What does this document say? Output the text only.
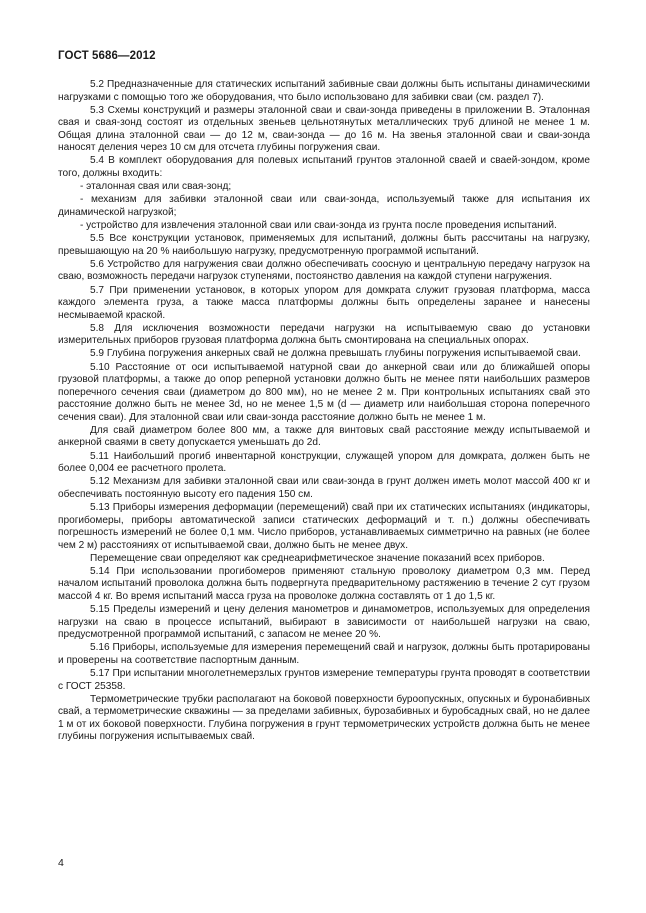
ГОСТ 5686—2012

5.2 Предназначенные для статических испытаний забивные сваи должны быть испытаны динамическими нагрузками с помощью того же оборудования, что было использовано для забивки сваи (см. раздел 7).

5.3 Схемы конструкций и размеры эталонной сваи и сваи-зонда приведены в приложении В. Эталонная свая и свая-зонд состоят из отдельных звеньев цельнотянутых металлических труб длиной не менее 1 м. Общая длина эталонной сваи — до 12 м, сваи-зонда — до 16 м. На звенья эталонной сваи и сваи-зонда наносят деления через 10 см для отсчета глубины погружения сваи.

5.4 В комплект оборудования для полевых испытаний грунтов эталонной сваей и сваей-зондом, кроме того, должны входить:

- эталонная свая или свая-зонд;

- механизм для забивки эталонной сваи или сваи-зонда, используемый также для испытания их динамической нагрузкой;

- устройство для извлечения эталонной сваи или сваи-зонда из грунта после проведения испытаний.

5.5 Все конструкции установок, применяемых для испытаний, должны быть рассчитаны на нагрузку, превышающую на 20 % наибольшую нагрузку, предусмотренную программой испытаний.

5.6 Устройство для нагружения сваи должно обеспечивать соосную и центральную передачу нагрузок на сваю, возможность передачи нагрузок ступенями, постоянство давления на каждой ступени нагружения.

5.7 При применении установок, в которых упором для домкрата служит грузовая платформа, масса каждого элемента груза, а также масса платформы должны быть определены заранее и нанесены несмываемой краской.

5.8 Для исключения возможности передачи нагрузки на испытываемую сваю до установки измерительных приборов грузовая платформа должна быть смонтирована на специальных опорах.

5.9 Глубина погружения анкерных свай не должна превышать глубины погружения испытываемой сваи.

5.10 Расстояние от оси испытываемой натурной сваи до анкерной сваи или до ближайшей опоры грузовой платформы, а также до опор реперной установки должно быть не менее пяти наибольших размеров поперечного сечения сваи (диаметром до 800 мм), но не менее 2 м. При контрольных испытаниях свай это расстояние должно быть не менее 3d, но не менее 1,5 м (d — диаметр или наибольшая сторона поперечного сечения сваи). Для эталонной сваи или сваи-зонда расстояние должно быть не менее 1 м.

Для свай диаметром более 800 мм, а также для винтовых свай расстояние между испытываемой и анкерной сваями в свету допускается уменьшать до 2d.

5.11 Наибольший прогиб инвентарной конструкции, служащей упором для домкрата, должен быть не более 0,004 ее расчетного пролета.

5.12 Механизм для забивки эталонной сваи или сваи-зонда в грунт должен иметь молот массой 400 кг и обеспечивать постоянную высоту его падения 150 см.

5.13 Приборы измерения деформации (перемещений) свай при их статических испытаниях (индикаторы, прогибомеры, приборы автоматической записи статических деформаций и т. п.) должны обеспечивать погрешность измерений не более 0,1 мм. Число приборов, устанавливаемых симметрично на равных (не более чем 2 м) расстояниях от испытываемой сваи, должно быть не менее двух.

Перемещение сваи определяют как среднеарифметическое значение показаний всех приборов.

5.14 При использовании прогибомеров применяют стальную проволоку диаметром 0,3 мм. Перед началом испытаний проволока должна быть подвергнута предварительному растяжению в течение 2 сут грузом массой 4 кг. Во время испытаний масса груза на проволоке должна составлять от 1 до 1,5 кг.

5.15 Пределы измерений и цену деления манометров и динамометров, используемых для определения нагрузки на сваю в процессе испытаний, выбирают в зависимости от наибольшей нагрузки на сваю, предусмотренной программой испытаний, с запасом не менее 20 %.

5.16 Приборы, используемые для измерения перемещений свай и нагрузок, должны быть протарированы и проверены на соответствие паспортным данным.

5.17 При испытании многолетнемерзлых грунтов измерение температуры грунта проводят в соответствии с ГОСТ 25358.

Термометрические трубки располагают на боковой поверхности буроопускных, опускных и буронабивных свай, а термометрические скважины — за пределами забивных, бурозабивных и буробсадных свай, но не далее 1 м от их боковой поверхности. Глубина погружения в грунт термометрических устройств должна быть не менее глубины погружения испытываемых свай.

4
